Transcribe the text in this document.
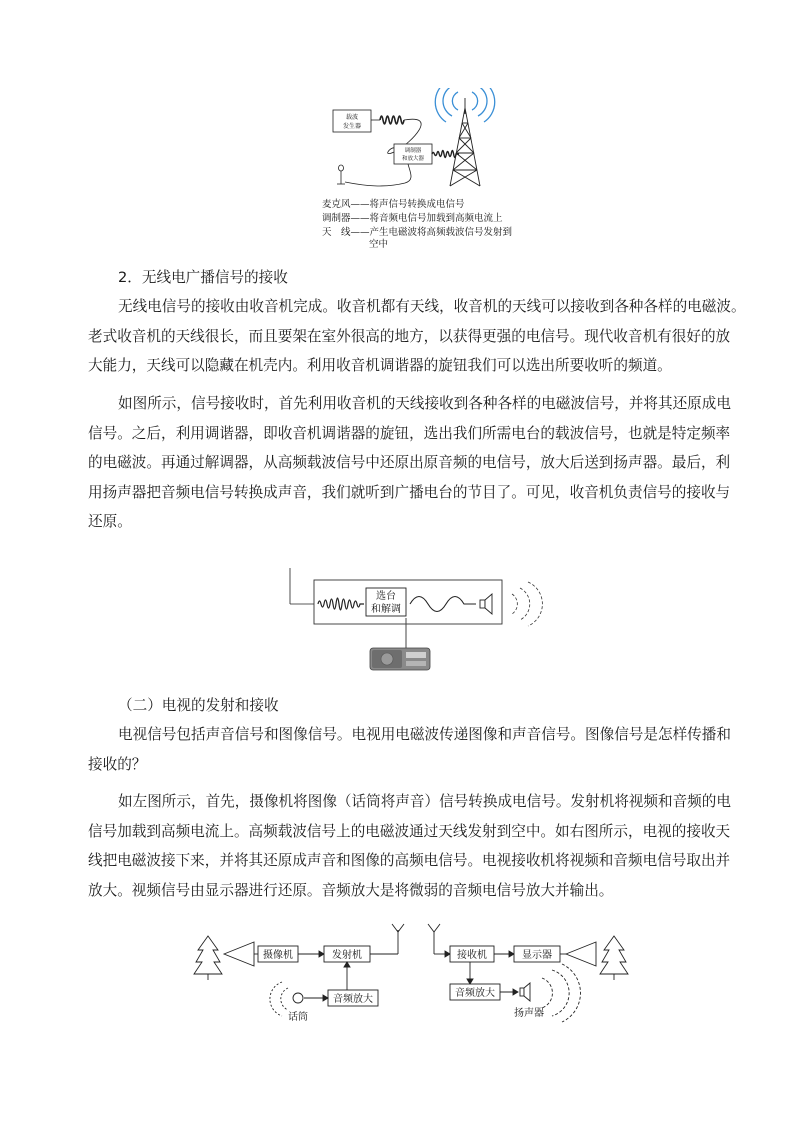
载波
发生器
调制器
和放大器
麦克风——将声信号转换成电信号
调制器——将音频电信号加载到高频电流上
天　线——产生电磁波将高频载波信号发射到
空中
2．无线电广播信号的接收
无线电信号的接收由收音机完成。收音机都有天线，收音机的天线可以接收到各种各样的电磁波。
老式收音机的天线很长，而且要架在室外很高的地方，以获得更强的电信号。现代收音机有很好的放
大能力，天线可以隐藏在机壳内。利用收音机调谐器的旋钮我们可以选出所要收听的频道。
如图所示，信号接收时，首先利用收音机的天线接收到各种各样的电磁波信号，并将其还原成电
信号。之后，利用调谐器，即收音机调谐器的旋钮，选出我们所需电台的载波信号，也就是特定频率
的电磁波。再通过解调器，从高频载波信号中还原出原音频的电信号，放大后送到扬声器。最后，利
用扬声器把音频电信号转换成声音，我们就听到广播电台的节目了。可见，收音机负责信号的接收与
还原。
选台
和解调
（二）电视的发射和接收
电视信号包括声音信号和图像信号。电视用电磁波传递图像和声音信号。图像信号是怎样传播和
接收的？
如左图所示，首先，摄像机将图像（话筒将声音）信号转换成电信号。发射机将视频和音频的电
信号加载到高频电流上。高频载波信号上的电磁波通过天线发射到空中。如右图所示，电视的接收天
线把电磁波接下来，并将其还原成声音和图像的高频电信号。电视接收机将视频和音频电信号取出并
放大。视频信号由显示器进行还原。音频放大是将微弱的音频电信号放大并输出。
摄像机	发射机
音频放大
话筒
接收机	显示器
音频放大
扬声器
